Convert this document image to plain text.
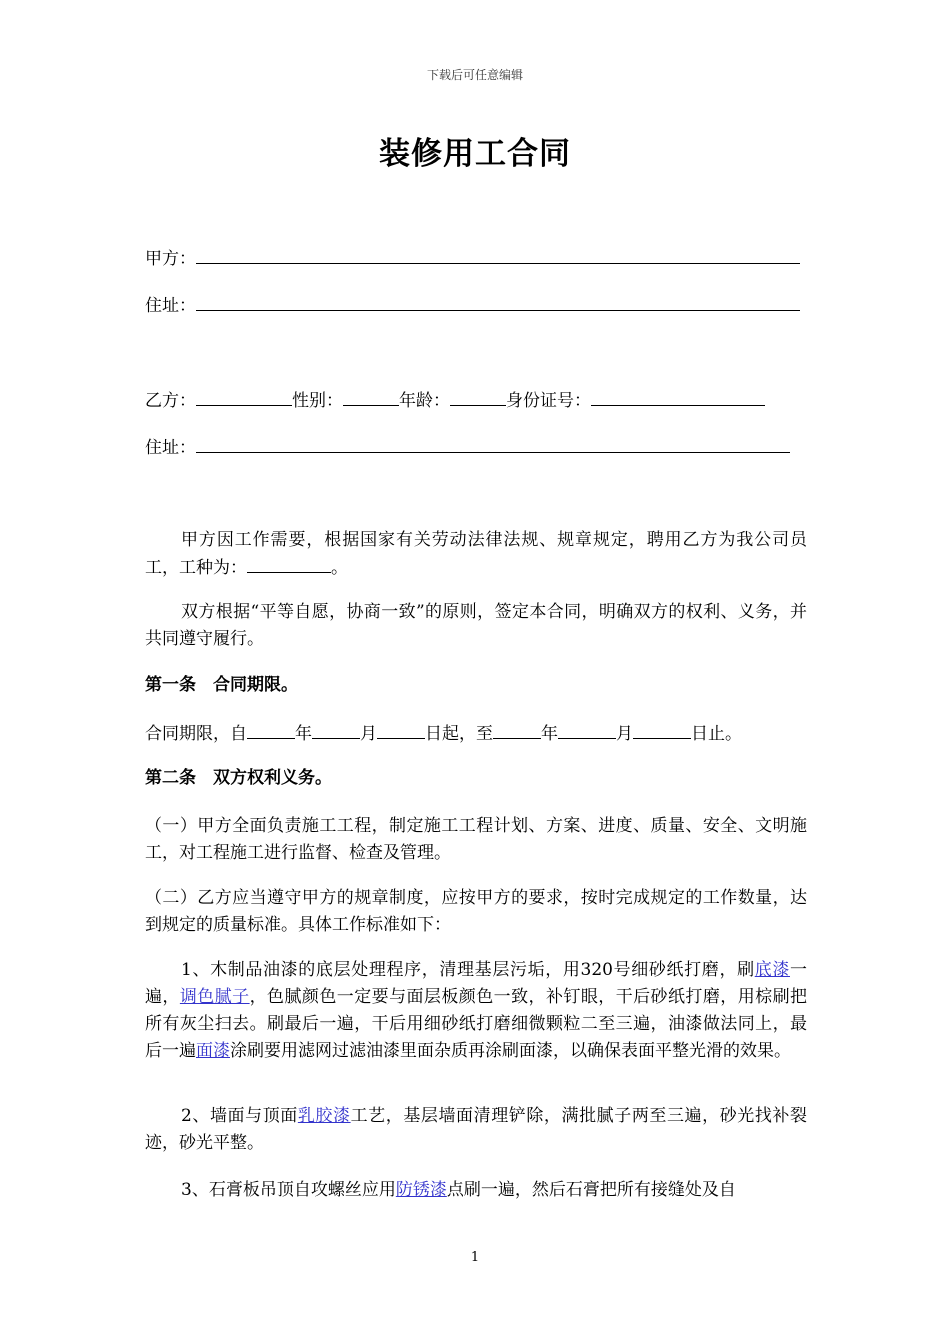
下载后可任意编辑
装修用工合同
甲方：
住址：
乙方：	性别：	年龄：	身份证号：
住址：
甲方因工作需要，根据国家有关劳动法律法规、规章规定，聘用乙方为我公司员工，工种为：	。
双方根据“平等自愿，协商一致”的原则，签定本合同，明确双方的权利、义务，并共同遵守履行。
第一条　合同期限。
合同期限，自	年	月	日起，至	年	月	日止。
第二条　双方权利义务。
（一）甲方全面负责施工工程，制定施工工程计划、方案、进度、质量、安全、文明施工，对工程施工进行监督、检查及管理。
（二）乙方应当遵守甲方的规章制度，应按甲方的要求，按时完成规定的工作数量，达到规定的质量标准。具体工作标准如下：
1、木制品油漆的底层处理程序，清理基层污垢，用320号细砂纸打磨，刷底漆一遍，调色腻子，色腻颜色一定要与面层板颜色一致，补钉眼，干后砂纸打磨，用棕刷把所有灰尘扫去。刷最后一遍，干后用细砂纸打磨细微颗粒二至三遍，油漆做法同上，最后一遍面漆涂刷要用滤网过滤油漆里面杂质再涂刷面漆，以确保表面平整光滑的效果。
2、墙面与顶面乳胶漆工艺，基层墙面清理铲除，满批腻子两至三遍，砂光找补裂迹，砂光平整。
3、石膏板吊顶自攻螺丝应用防锈漆点刷一遍，然后石膏把所有接缝处及自
1
